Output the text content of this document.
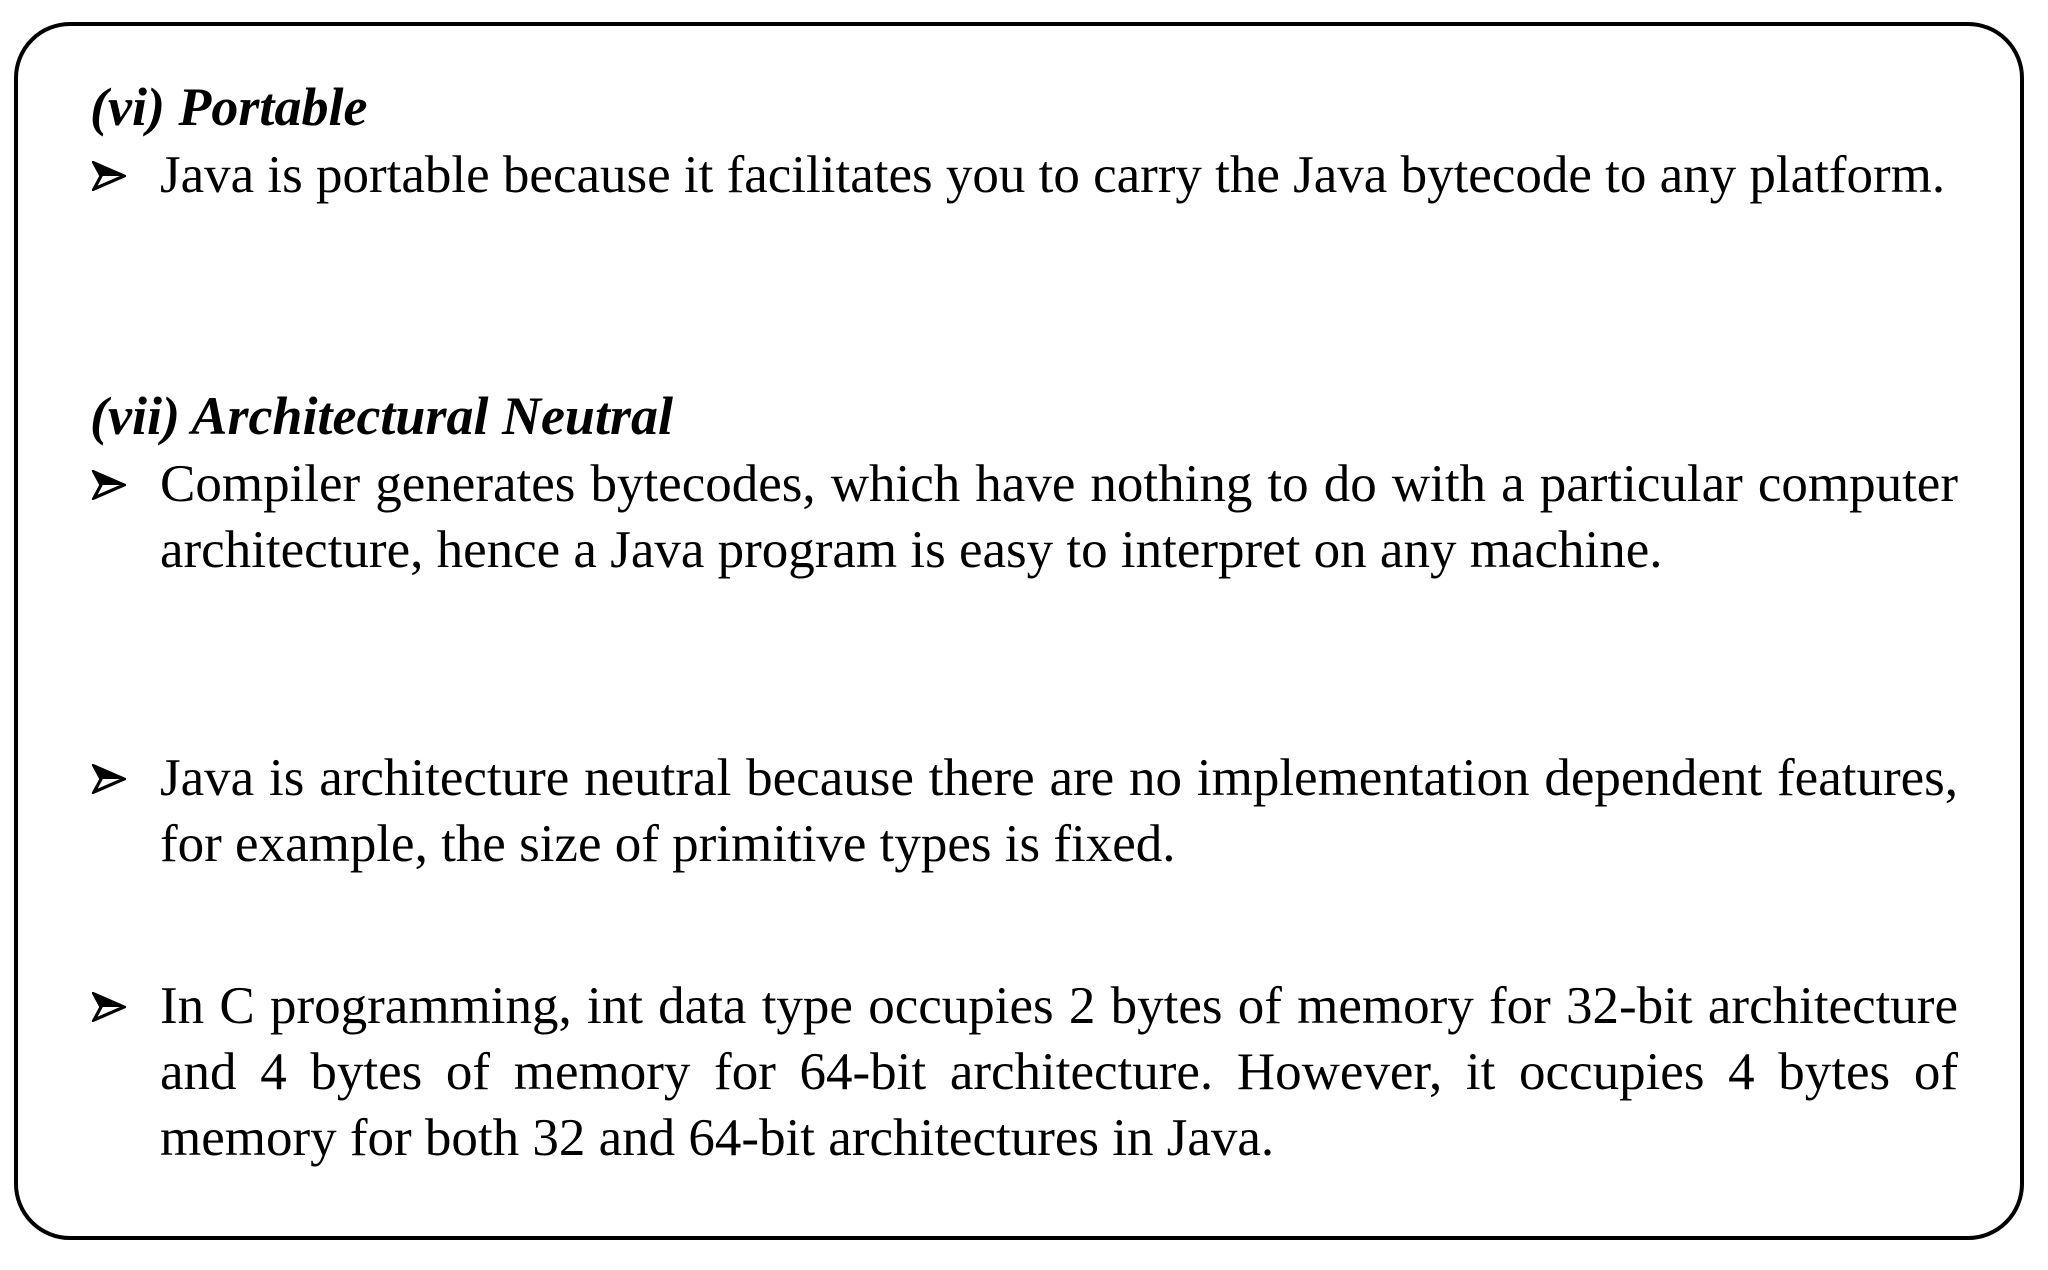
(vi) Portable
Java is portable because it facilitates you to carry the Java bytecode to any platform.
(vii) Architectural Neutral
Compiler generates bytecodes, which have nothing to do with a particular computer architecture, hence a Java program is easy to interpret on any machine.
Java is architecture neutral because there are no implementation dependent features, for example, the size of primitive types is fixed.
In C programming, int data type occupies 2 bytes of memory for 32-bit architecture and 4 bytes of memory for 64-bit architecture. However, it occupies 4 bytes of memory for both 32 and 64-bit architectures in Java.
